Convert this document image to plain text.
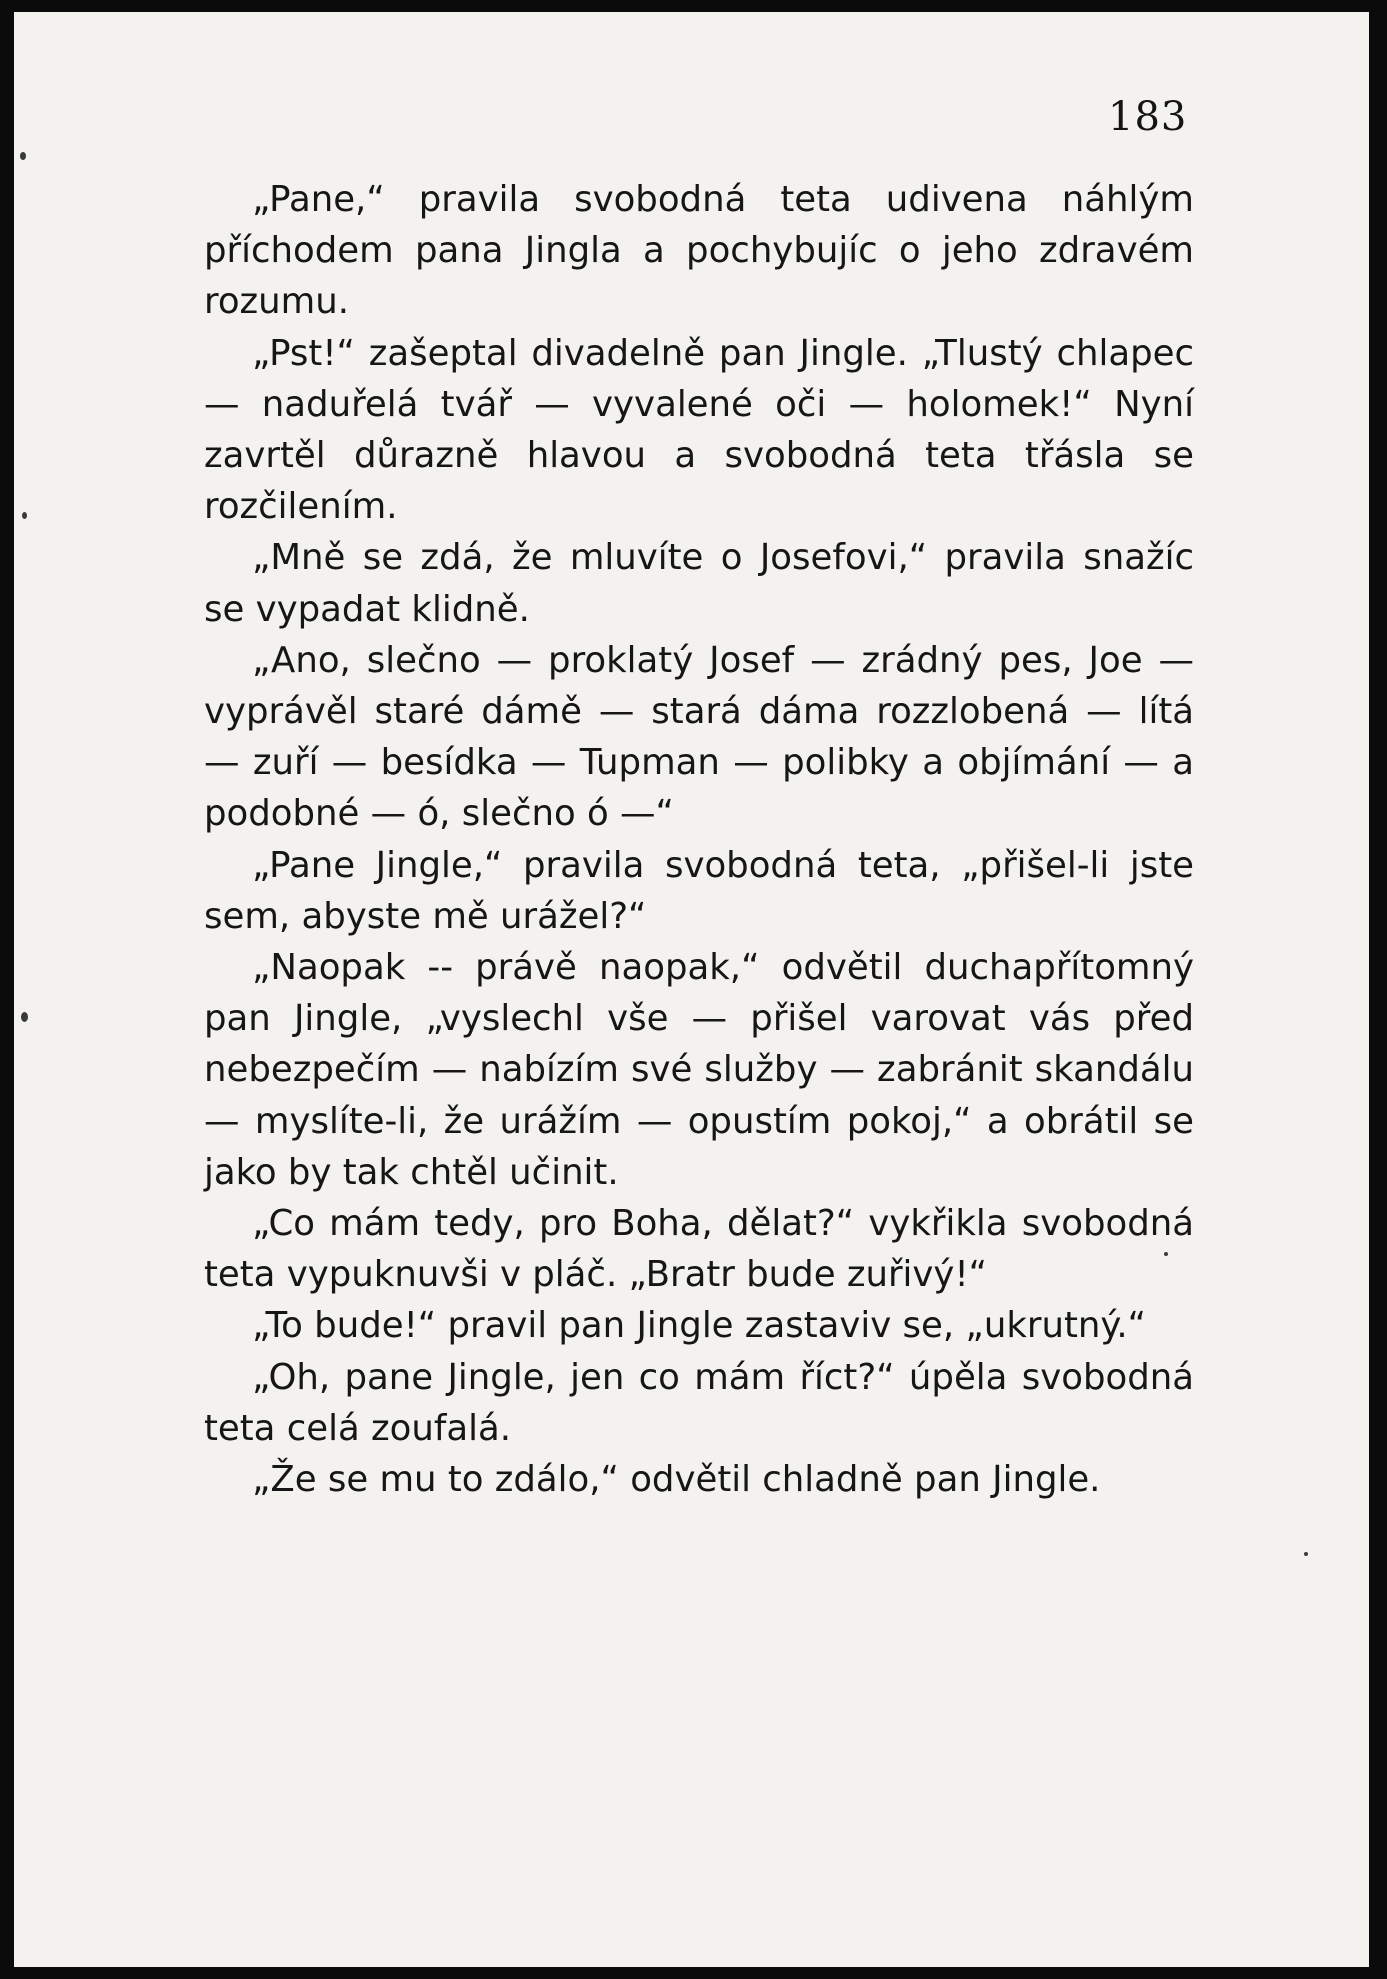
183

„Pane,“ pravila svobodná teta udivena náhlým příchodem pana Jingla a pochybujíc o jeho zdravém rozumu.

„Pst!“ zašeptal divadelně pan Jingle. „Tlustý chlapec — naduřelá tvář — vyvalené oči — holomek!“ Nyní zavrtěl důrazně hlavou a svobodná teta třásla se rozčilením.

„Mně se zdá, že mluvíte o Josefovi,“ pravila snažíc se vypadat klidně.

„Ano, slečno — proklatý Josef — zrádný pes, Joe — vyprávěl staré dámě — stará dáma rozzlobená — lítá — zuří — besídka — Tupman — polibky a objímání — a podobné — ó, slečno ó —“

„Pane Jingle,“ pravila svobodná teta, „přišel-li jste sem, abyste mě urážel?“

„Naopak -- právě naopak,“ odvětil duchapřítomný pan Jingle, „vyslechl vše — přišel varovat vás před nebezpečím — nabízím své služby — zabránit skandálu — myslíte-li, že urážím — opustím pokoj,“ a obrátil se jako by tak chtěl učinit.

„Co mám tedy, pro Boha, dělat?“ vykřikla svobodná teta vypuknuvši v pláč. „Bratr bude zuřivý!“

„To bude!“ pravil pan Jingle zastaviv se, „ukrutný.“

„Oh, pane Jingle, jen co mám říct?“ úpěla svobodná teta celá zoufalá.

„Že se mu to zdálo,“ odvětil chladně pan Jingle.
